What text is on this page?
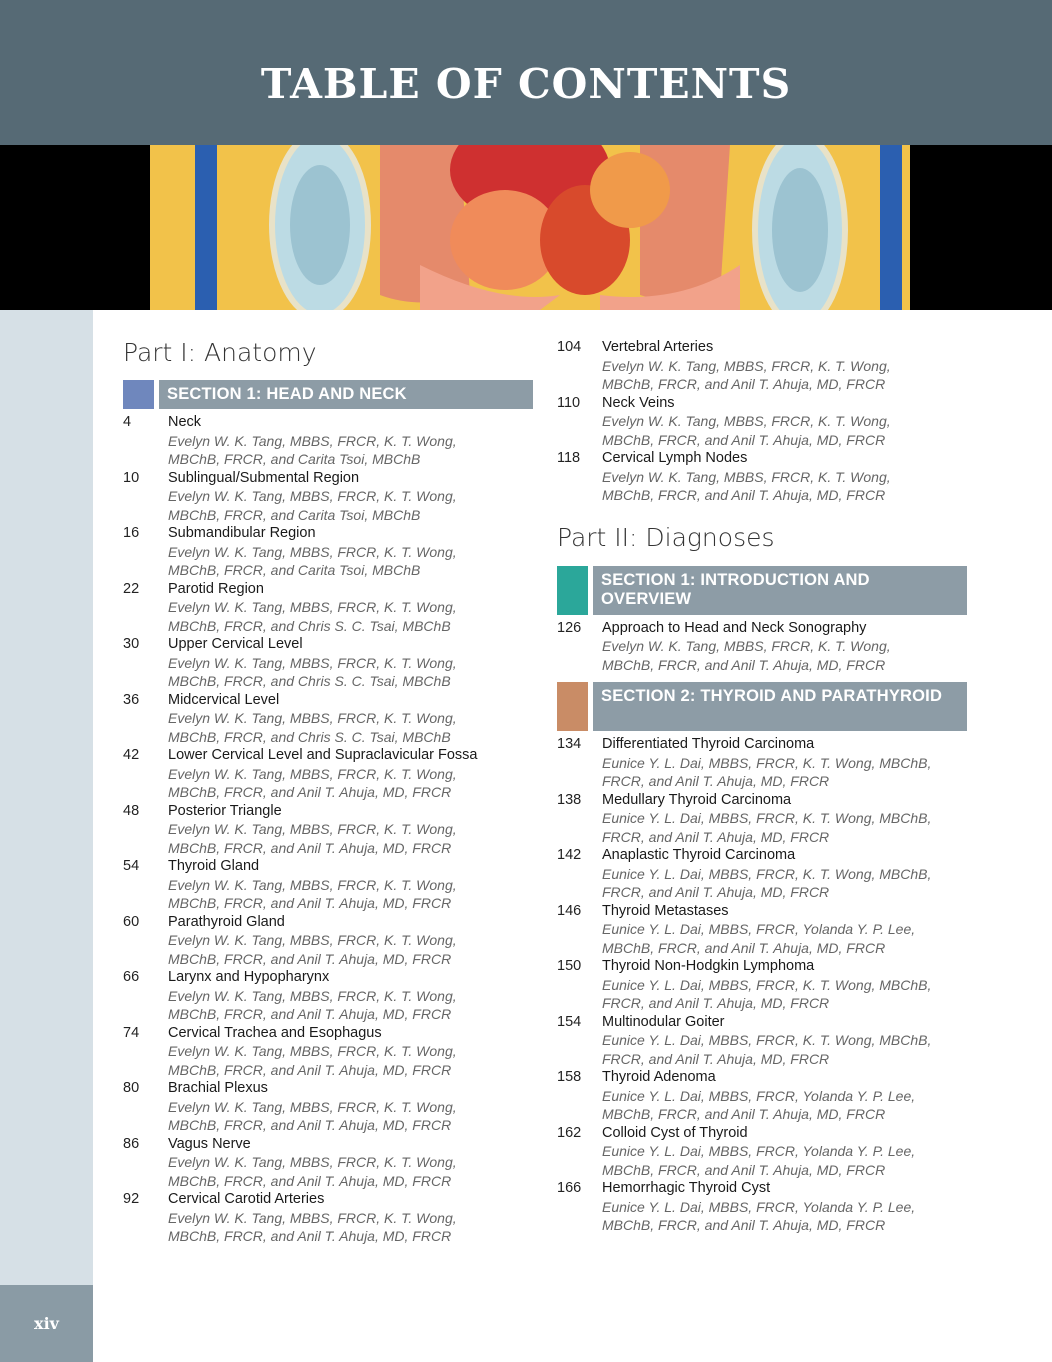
TABLE OF CONTENTS
xiv
Part I: Anatomy
SECTION 1: HEAD AND NECK
4	Neck
Evelyn W. K. Tang, MBBS, FRCR, K. T. Wong, MBChB, FRCR, and Carita Tsoi, MBChB
10	Sublingual/Submental Region
Evelyn W. K. Tang, MBBS, FRCR, K. T. Wong, MBChB, FRCR, and Carita Tsoi, MBChB
16	Submandibular Region
Evelyn W. K. Tang, MBBS, FRCR, K. T. Wong, MBChB, FRCR, and Carita Tsoi, MBChB
22	Parotid Region
Evelyn W. K. Tang, MBBS, FRCR, K. T. Wong, MBChB, FRCR, and Chris S. C. Tsai, MBChB
30	Upper Cervical Level
Evelyn W. K. Tang, MBBS, FRCR, K. T. Wong, MBChB, FRCR, and Chris S. C. Tsai, MBChB
36	Midcervical Level
Evelyn W. K. Tang, MBBS, FRCR, K. T. Wong, MBChB, FRCR, and Chris S. C. Tsai, MBChB
42	Lower Cervical Level and Supraclavicular Fossa
Evelyn W. K. Tang, MBBS, FRCR, K. T. Wong, MBChB, FRCR, and Anil T. Ahuja, MD, FRCR
48	Posterior Triangle
Evelyn W. K. Tang, MBBS, FRCR, K. T. Wong, MBChB, FRCR, and Anil T. Ahuja, MD, FRCR
54	Thyroid Gland
Evelyn W. K. Tang, MBBS, FRCR, K. T. Wong, MBChB, FRCR, and Anil T. Ahuja, MD, FRCR
60	Parathyroid Gland
Evelyn W. K. Tang, MBBS, FRCR, K. T. Wong, MBChB, FRCR, and Anil T. Ahuja, MD, FRCR
66	Larynx and Hypopharynx
Evelyn W. K. Tang, MBBS, FRCR, K. T. Wong, MBChB, FRCR, and Anil T. Ahuja, MD, FRCR
74	Cervical Trachea and Esophagus
Evelyn W. K. Tang, MBBS, FRCR, K. T. Wong, MBChB, FRCR, and Anil T. Ahuja, MD, FRCR
80	Brachial Plexus
Evelyn W. K. Tang, MBBS, FRCR, K. T. Wong, MBChB, FRCR, and Anil T. Ahuja, MD, FRCR
86	Vagus Nerve
Evelyn W. K. Tang, MBBS, FRCR, K. T. Wong, MBChB, FRCR, and Anil T. Ahuja, MD, FRCR
92	Cervical Carotid Arteries
Evelyn W. K. Tang, MBBS, FRCR, K. T. Wong, MBChB, FRCR, and Anil T. Ahuja, MD, FRCR
104	Vertebral Arteries
Evelyn W. K. Tang, MBBS, FRCR, K. T. Wong, MBChB, FRCR, and Anil T. Ahuja, MD, FRCR
110	Neck Veins
Evelyn W. K. Tang, MBBS, FRCR, K. T. Wong, MBChB, FRCR, and Anil T. Ahuja, MD, FRCR
118	Cervical Lymph Nodes
Evelyn W. K. Tang, MBBS, FRCR, K. T. Wong, MBChB, FRCR, and Anil T. Ahuja, MD, FRCR
Part II: Diagnoses
SECTION 1: INTRODUCTION AND OVERVIEW
126	Approach to Head and Neck Sonography
Evelyn W. K. Tang, MBBS, FRCR, K. T. Wong, MBChB, FRCR, and Anil T. Ahuja, MD, FRCR
SECTION 2: THYROID AND PARATHYROID
134	Differentiated Thyroid Carcinoma
Eunice Y. L. Dai, MBBS, FRCR, K. T. Wong, MBChB, FRCR, and Anil T. Ahuja, MD, FRCR
138	Medullary Thyroid Carcinoma
Eunice Y. L. Dai, MBBS, FRCR, K. T. Wong, MBChB, FRCR, and Anil T. Ahuja, MD, FRCR
142	Anaplastic Thyroid Carcinoma
Eunice Y. L. Dai, MBBS, FRCR, K. T. Wong, MBChB, FRCR, and Anil T. Ahuja, MD, FRCR
146	Thyroid Metastases
Eunice Y. L. Dai, MBBS, FRCR, Yolanda Y. P. Lee, MBChB, FRCR, and Anil T. Ahuja, MD, FRCR
150	Thyroid Non-Hodgkin Lymphoma
Eunice Y. L. Dai, MBBS, FRCR, K. T. Wong, MBChB, FRCR, and Anil T. Ahuja, MD, FRCR
154	Multinodular Goiter
Eunice Y. L. Dai, MBBS, FRCR, K. T. Wong, MBChB, FRCR, and Anil T. Ahuja, MD, FRCR
158	Thyroid Adenoma
Eunice Y. L. Dai, MBBS, FRCR, Yolanda Y. P. Lee, MBChB, FRCR, and Anil T. Ahuja, MD, FRCR
162	Colloid Cyst of Thyroid
Eunice Y. L. Dai, MBBS, FRCR, Yolanda Y. P. Lee, MBChB, FRCR, and Anil T. Ahuja, MD, FRCR
166	Hemorrhagic Thyroid Cyst
Eunice Y. L. Dai, MBBS, FRCR, Yolanda Y. P. Lee, MBChB, FRCR, and Anil T. Ahuja, MD, FRCR
